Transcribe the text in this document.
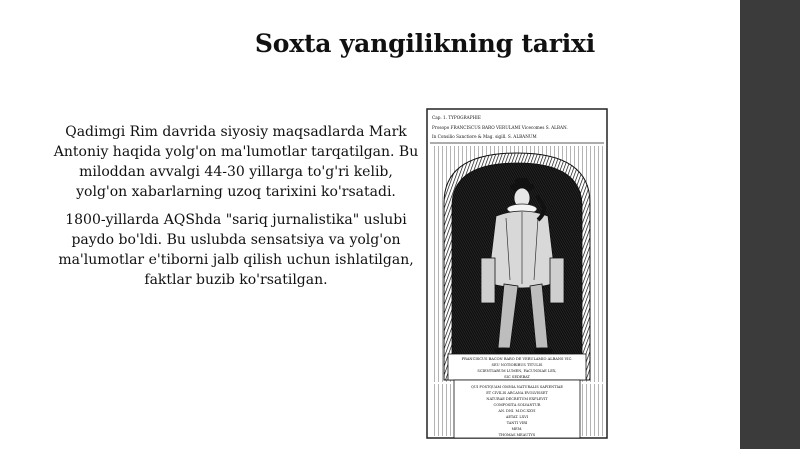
Soxta yangilikning tarixi
Qadimgi Rim davrida siyosiy maqsadlarda Mark Antoniy haqida yolg'on ma'lumotlar tarqatilgan. Bu miloddan avvalgi 44-30 yillarga to'g'ri kelib, yolg'on xabarlarning uzoq tarixini ko'rsatadi.
1800-yillarda AQShda "sariq jurnalistika" uslubi paydo bo'ldi. Bu uslubda sensatsiya va yolg'on ma'lumotlar e'tiborni jalb qilish uchun ishlatilgan, faktlar buzib ko'rsatilgan.
Cap. 1. TYPOGRAPHIE
Prosopo FRANCISCUS BARO VERULAMI Vicecomes S. ALBAN.
In Consilio Sanctiore & Mag. sigill. S. ALBANUM
FRANCISCUS BACON BARO DE VERULAMIO ALBANS VIC.
SEU NOTIORIBUS TITULIS
SCIENTIARUM LUMEN, FACUNDIAE LEX,
SIC SEDEBAT
QUI POSTQUAM OMNIA NATURALIS SAPIENTIAE
ET CIVILIS ARCANA EVOLVISSET
NATURAE DECRETUM EXPLEVIT
COMPOSITA SOLVANTUR
AN. DNI. M.DC.XXVI
AETAT. LXVI
TANTI VIRI
MEM.
THOMAS MEAUTYS
